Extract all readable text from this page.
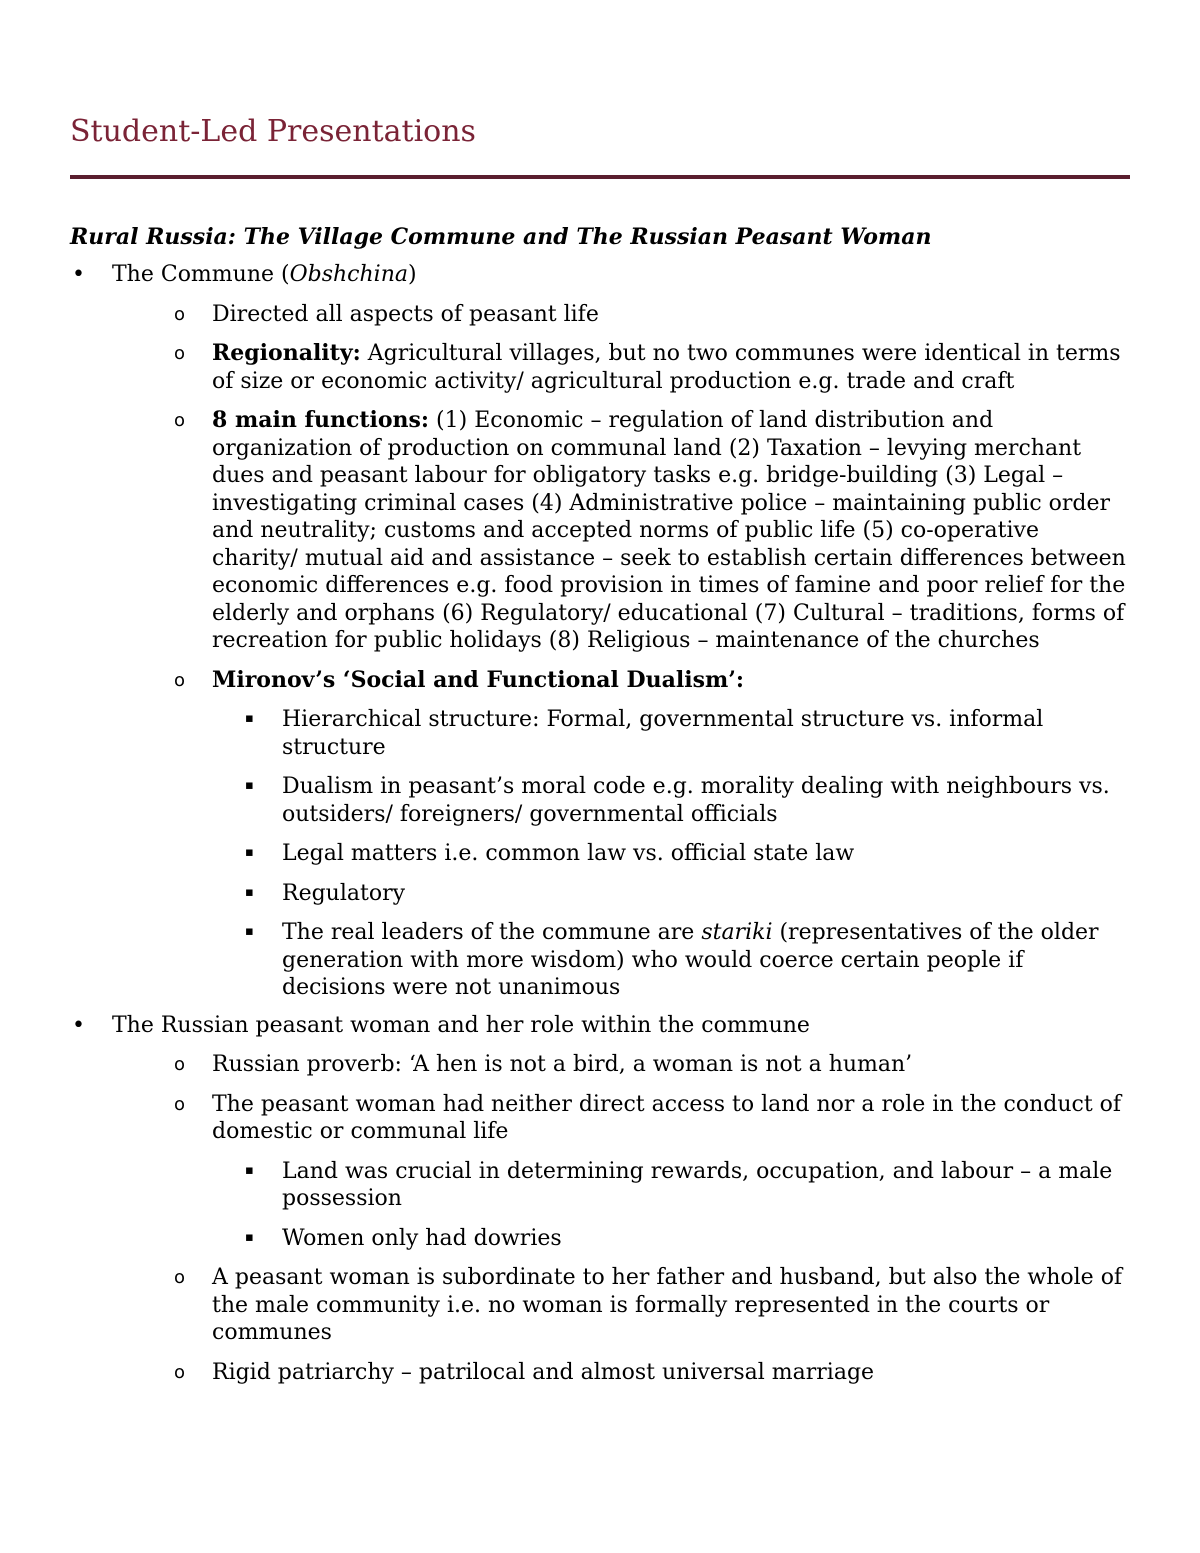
Student-Led Presentations
Rural Russia: The Village Commune and The Russian Peasant Woman
• The Commune (Obshchina)
o Directed all aspects of peasant life
o Regionality: Agricultural villages, but no two communes were identical in terms of size or economic activity/ agricultural production e.g. trade and craft
o 8 main functions: (1) Economic – regulation of land distribution and organization of production on communal land (2) Taxation – levying merchant dues and peasant labour for obligatory tasks e.g. bridge-building (3) Legal – investigating criminal cases (4) Administrative police – maintaining public order and neutrality; customs and accepted norms of public life (5) co-operative charity/ mutual aid and assistance – seek to establish certain differences between economic differences e.g. food provision in times of famine and poor relief for the elderly and orphans (6) Regulatory/ educational (7) Cultural – traditions, forms of recreation for public holidays (8) Religious – maintenance of the churches
o Mironov’s ‘Social and Functional Dualism’:
▪ Hierarchical structure: Formal, governmental structure vs. informal structure
▪ Dualism in peasant’s moral code e.g. morality dealing with neighbours vs. outsiders/ foreigners/ governmental officials
▪ Legal matters i.e. common law vs. official state law
▪ Regulatory
▪ The real leaders of the commune are stariki (representatives of the older generation with more wisdom) who would coerce certain people if decisions were not unanimous
• The Russian peasant woman and her role within the commune
o Russian proverb: ‘A hen is not a bird, a woman is not a human’
o The peasant woman had neither direct access to land nor a role in the conduct of domestic or communal life
▪ Land was crucial in determining rewards, occupation, and labour – a male possession
▪ Women only had dowries
o A peasant woman is subordinate to her father and husband, but also the whole of the male community i.e. no woman is formally represented in the courts or communes
o Rigid patriarchy – patrilocal and almost universal marriage
